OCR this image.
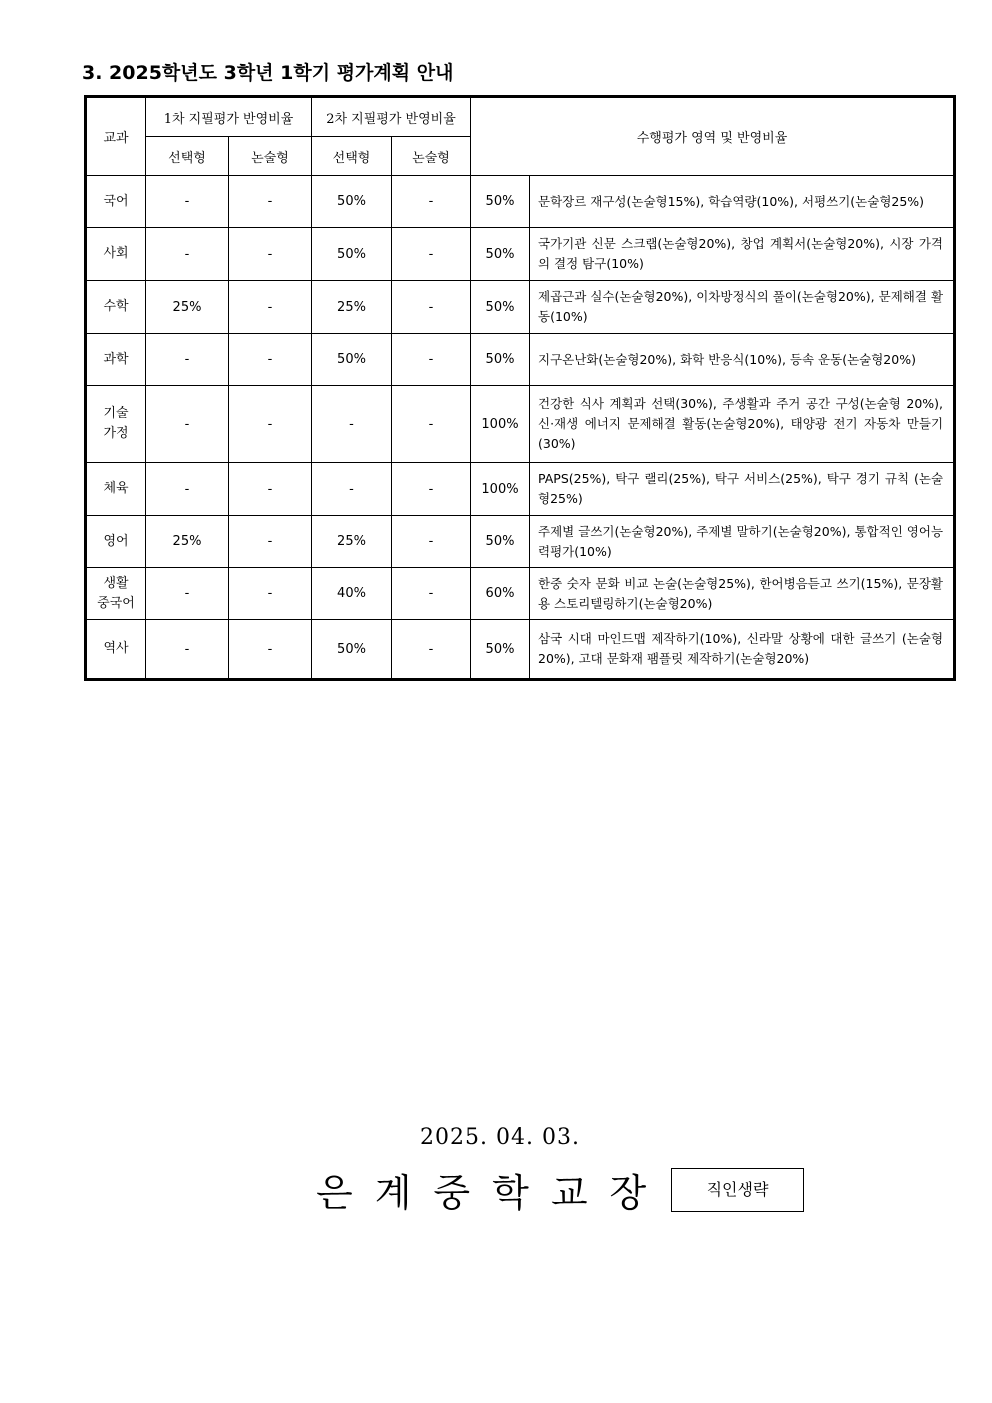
3. 2025학년도 3학년 1학기 평가계획 안내
교과	1차 지필평가 반영비율		2차 지필평가 반영비율		수행평가 영역 및 반영비율	
	선택형	논술형	선택형	논술형		
국어	-	-	50%	-	50%	문학장르 재구성(논술형15%), 학습역량(10%), 서평쓰기(논술형25%)
사회	-	-	50%	-	50%	국가기관 신문 스크랩(논술형20%), 창업 계획서(논술형20%), 시장 가격의 결정 탐구(10%)
수학	25%	-	25%	-	50%	제곱근과 실수(논술형20%), 이차방정식의 풀이(논술형20%), 문제해결 활동(10%)
과학	-	-	50%	-	50%	지구온난화(논술형20%), 화학 반응식(10%), 등속 운동(논술형20%)
기술
가정	-	-	-	-	100%	건강한 식사 계획과 선택(30%), 주생활과 주거 공간 구성(논술형 20%), 신·재생 에너지 문제해결 활동(논술형20%), 태양광 전기 자동차 만들기(30%)
체육	-	-	-	-	100%	PAPS(25%), 탁구 랠리(25%), 탁구 서비스(25%), 탁구 경기 규칙 (논술형25%)
영어	25%	-	25%	-	50%	주제별 글쓰기(논술형20%), 주제별 말하기(논술형20%), 통합적인 영어능력평가(10%)
생활
중국어	-	-	40%	-	60%	한중 숫자 문화 비교 논술(논술형25%), 한어병음듣고 쓰기(15%), 문장활용 스토리텔링하기(논술형20%)
역사	-	-	50%	-	50%	삼국 시대 마인드맵 제작하기(10%), 신라말 상황에 대한 글쓰기 (논술형20%), 고대 문화재 팸플릿 제작하기(논술형20%)
2025. 04. 03.
은계중학교장	직인생략
